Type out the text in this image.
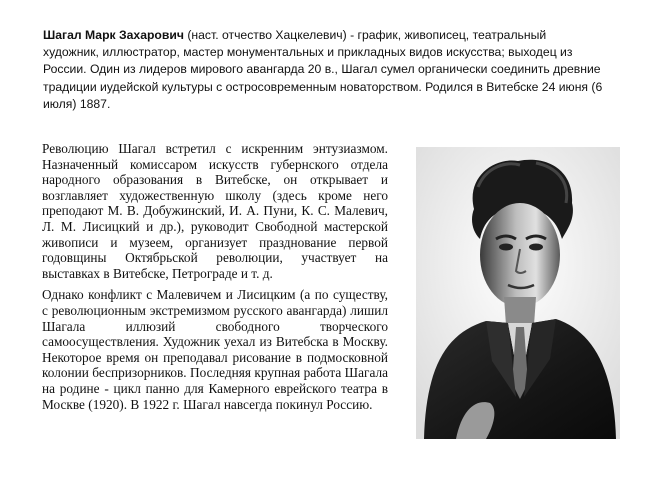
Шагал Марк Захарович (наст. отчество Хацкелевич) - график, живописец, театральный художник, иллюстратор, мастер монументальных и прикладных видов искусства; выходец из России. Один из лидеров мирового авангарда 20 в., Шагал сумел органически соединить древние традиции иудейской культуры с остросовременным новаторством. Родился в Витебске 24 июня (6 июля) 1887.

Революцию Шагал встретил с искренним энтузиазмом. Назначенный комиссаром искусств губернского отдела народного образования в Витебске, он открывает и возглавляет художественную школу (здесь кроме него преподают М. В. Добужинский, И. А. Пуни, К. С. Малевич, Л. М. Лисицкий и др.), руководит Свободной мастерской живописи и музеем, организует празднование первой годовщины Октябрьской революции, участвует на выставках в Витебске, Петрограде и т. д.

Однако конфликт с Малевичем и Лисицким (а по существу, с революционным экстремизмом русского авангарда) лишил Шагала иллюзий свободного творческого самоосуществления. Художник уехал из Витебска в Москву. Некоторое время он преподавал рисование в подмосковной колонии беспризорников. Последняя крупная работа Шагала на родине - цикл панно для Камерного еврейского театра в Москве (1920). В 1922 г. Шагал навсегда покинул Россию.
